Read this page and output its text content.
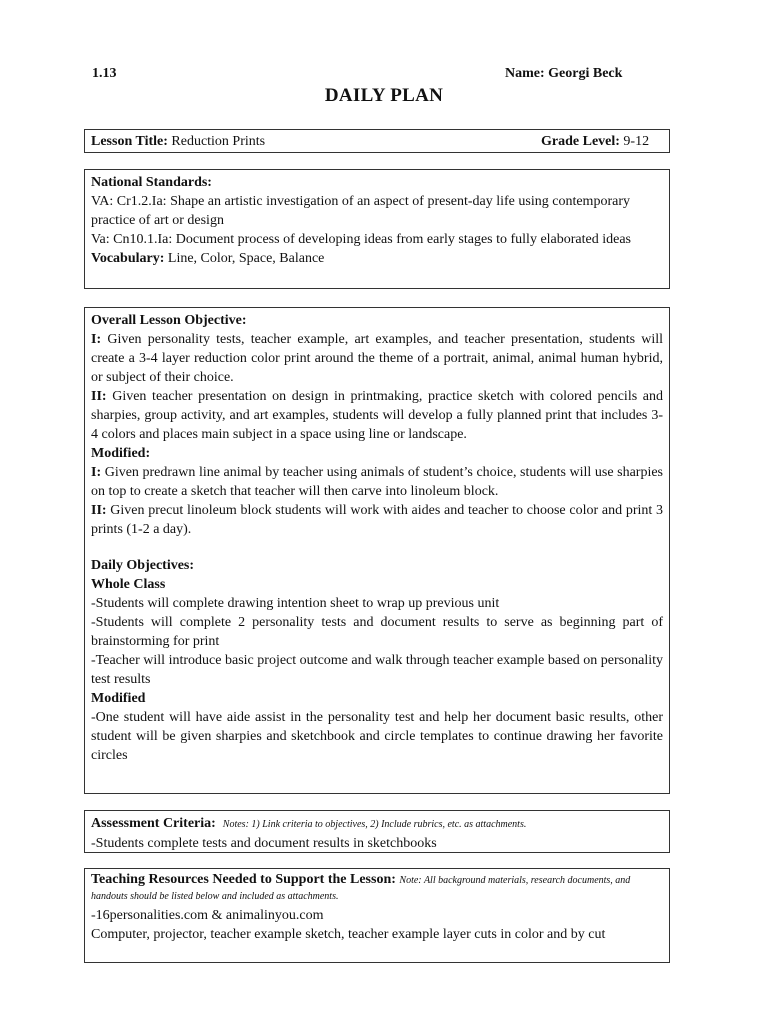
1.13	Name: Georgi Beck
DAILY PLAN
Lesson Title: Reduction Prints	Grade Level: 9-12

National Standards:

VA: Cr1.2.Ia: Shape an artistic investigation of an aspect of present-day life using contemporary practice of art or design

Va: Cn10.1.Ia: Document process of developing ideas from early stages to fully elaborated ideas

Vocabulary: Line, Color, Space, Balance

Overall Lesson Objective:

I: Given personality tests, teacher example, art examples, and teacher presentation, students will create a 3-4 layer reduction color print around the theme of a portrait, animal, animal human hybrid, or subject of their choice.

II: Given teacher presentation on design in printmaking, practice sketch with colored pencils and sharpies, group activity, and art examples, students will develop a fully planned print that includes 3-4 colors and places main subject in a space using line or landscape.

Modified:

I: Given predrawn line animal by teacher using animals of student’s choice, students will use sharpies on top to create a sketch that teacher will then carve into linoleum block.

II: Given precut linoleum block students will work with aides and teacher to choose color and print 3 prints (1-2 a day).

Daily Objectives:

Whole Class

-Students will complete drawing intention sheet to wrap up previous unit

-Students will complete 2 personality tests and document results to serve as beginning part of brainstorming for print

-Teacher will introduce basic project outcome and walk through teacher example based on personality test results

Modified

-One student will have aide assist in the personality test and help her document basic results, other student will be given sharpies and sketchbook and circle templates to continue drawing her favorite circles

Assessment Criteria: Notes: 1) Link criteria to objectives, 2) Include rubrics, etc. as attachments.

-Students complete tests and document results in sketchbooks

Teaching Resources Needed to Support the Lesson: Note: All background materials, research documents, and handouts should be listed below and included as attachments.

-16personalities.com & animalinyou.com

Computer, projector, teacher example sketch, teacher example layer cuts in color and by cut
